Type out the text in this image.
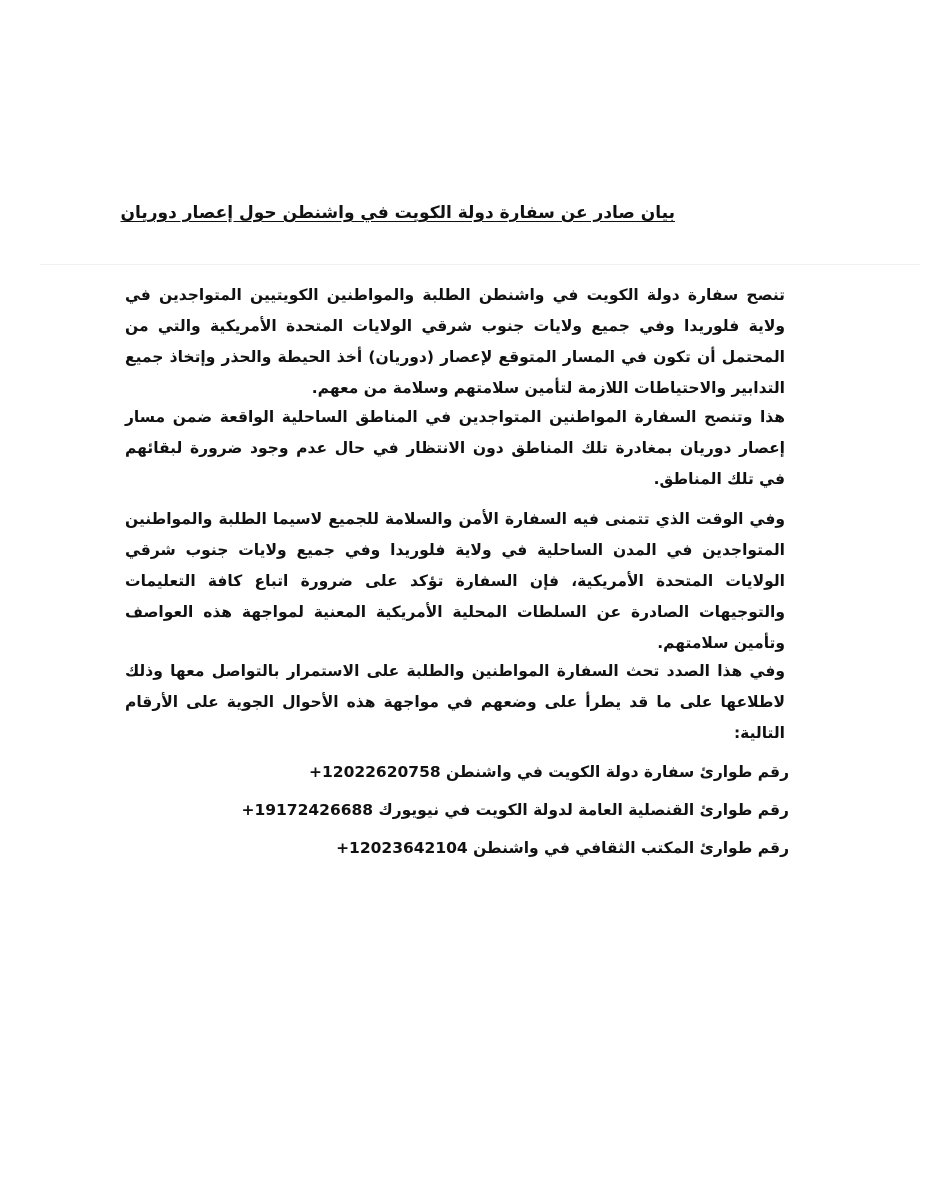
بيان صادر عن سفارة دولة الكويت في واشنطن حول إعصار دوريان

تنصح سفارة دولة الكويت في واشنطن الطلبة والمواطنين الكويتيين المتواجدين في ولاية فلوريدا وفي جميع ولايات جنوب شرقي الولايات المتحدة الأمريكية والتي من المحتمل أن تكون في المسار المتوقع لإعصار (دوريان) أخذ الحيطة والحذر وإتخاذ جميع التدابير والاحتياطات اللازمة لتأمين سلامتهم وسلامة من معهم.

هذا وتنصح السفارة المواطنين المتواجدين في المناطق الساحلية الواقعة ضمن مسار إعصار دوريان بمغادرة تلك المناطق دون الانتظار في حال عدم وجود ضرورة لبقائهم في تلك المناطق.

وفي الوقت الذي تتمنى فيه السفارة الأمن والسلامة للجميع لاسيما الطلبة والمواطنين المتواجدين في المدن الساحلية في ولاية فلوريدا وفي جميع ولايات جنوب شرقي الولايات المتحدة الأمريكية، فإن السفارة تؤكد على ضرورة اتباع كافة التعليمات والتوجيهات الصادرة عن السلطات المحلية الأمريكية المعنية لمواجهة هذه العواصف وتأمين سلامتهم.

وفي هذا الصدد تحث السفارة المواطنين والطلبة على الاستمرار بالتواصل معها وذلك لاطلاعها على ما قد يطرأ على وضعهم في مواجهة هذه الأحوال الجوية على الأرقام التالية:

رقم طوارئ سفارة دولة الكويت في واشنطن +12022620758

رقم طوارئ القنصلية العامة لدولة الكويت في نيويورك +19172426688

رقم طوارئ المكتب الثقافي في واشنطن +12023642104
